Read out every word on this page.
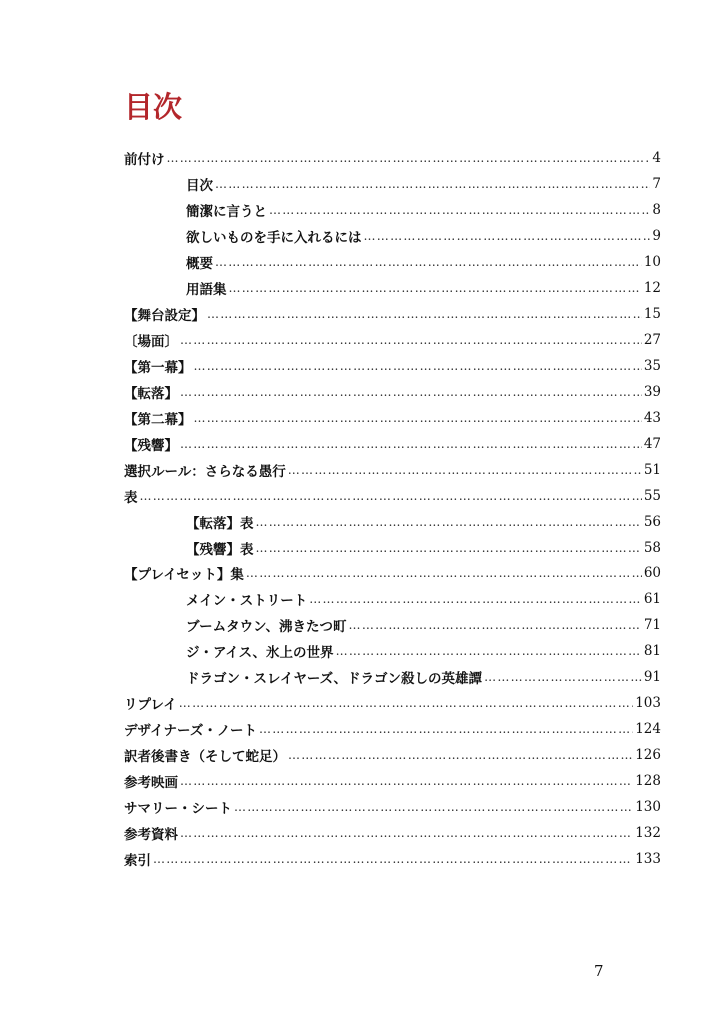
目次
前付け ………………………………………………………………………………………………………………………………………………………………………………………………………………	4
目次 ………………………………………………………………………………………………………………………………………………………………………………………………………………	7
簡潔に言うと ………………………………………………………………………………………………………………………………………………………………………………………………………………	8
欲しいものを手に入れるには ………………………………………………………………………………………………………………………………………………………………………………………………………………	9
概要 ………………………………………………………………………………………………………………………………………………………………………………………………………………	10
用語集 ………………………………………………………………………………………………………………………………………………………………………………………………………………	12
【舞台設定】 ………………………………………………………………………………………………………………………………………………………………………………………………………………	15
〔場面〕 ………………………………………………………………………………………………………………………………………………………………………………………………………………	27
【第一幕】 ………………………………………………………………………………………………………………………………………………………………………………………………………………	35
【転落】 ………………………………………………………………………………………………………………………………………………………………………………………………………………	39
【第二幕】 ………………………………………………………………………………………………………………………………………………………………………………………………………………	43
【残響】 ………………………………………………………………………………………………………………………………………………………………………………………………………………	47
選択ルール：さらなる愚行 ………………………………………………………………………………………………………………………………………………………………………………………………………………	51
表 ………………………………………………………………………………………………………………………………………………………………………………………………………………	55
【転落】表 ………………………………………………………………………………………………………………………………………………………………………………………………………………	56
【残響】表 ………………………………………………………………………………………………………………………………………………………………………………………………………………	58
【プレイセット】集 ………………………………………………………………………………………………………………………………………………………………………………………………………………	60
メイン・ストリート ………………………………………………………………………………………………………………………………………………………………………………………………………………	61
ブームタウン、沸きたつ町 ………………………………………………………………………………………………………………………………………………………………………………………………………………	71
ジ・アイス、氷上の世界 ………………………………………………………………………………………………………………………………………………………………………………………………………………	81
ドラゴン・スレイヤーズ、ドラゴン殺しの英雄譚 ………………………………………………………………………………………………………………………………………………………………………………………………………………	91
リプレイ ………………………………………………………………………………………………………………………………………………………………………………………………………………	103
デザイナーズ・ノート ………………………………………………………………………………………………………………………………………………………………………………………………………………	124
訳者後書き（そして蛇足） ………………………………………………………………………………………………………………………………………………………………………………………………………………	126
参考映画 ………………………………………………………………………………………………………………………………………………………………………………………………………………	128
サマリー・シート ………………………………………………………………………………………………………………………………………………………………………………………………………………	130
参考資料 ………………………………………………………………………………………………………………………………………………………………………………………………………………	132
索引 ………………………………………………………………………………………………………………………………………………………………………………………………………………	133
7
